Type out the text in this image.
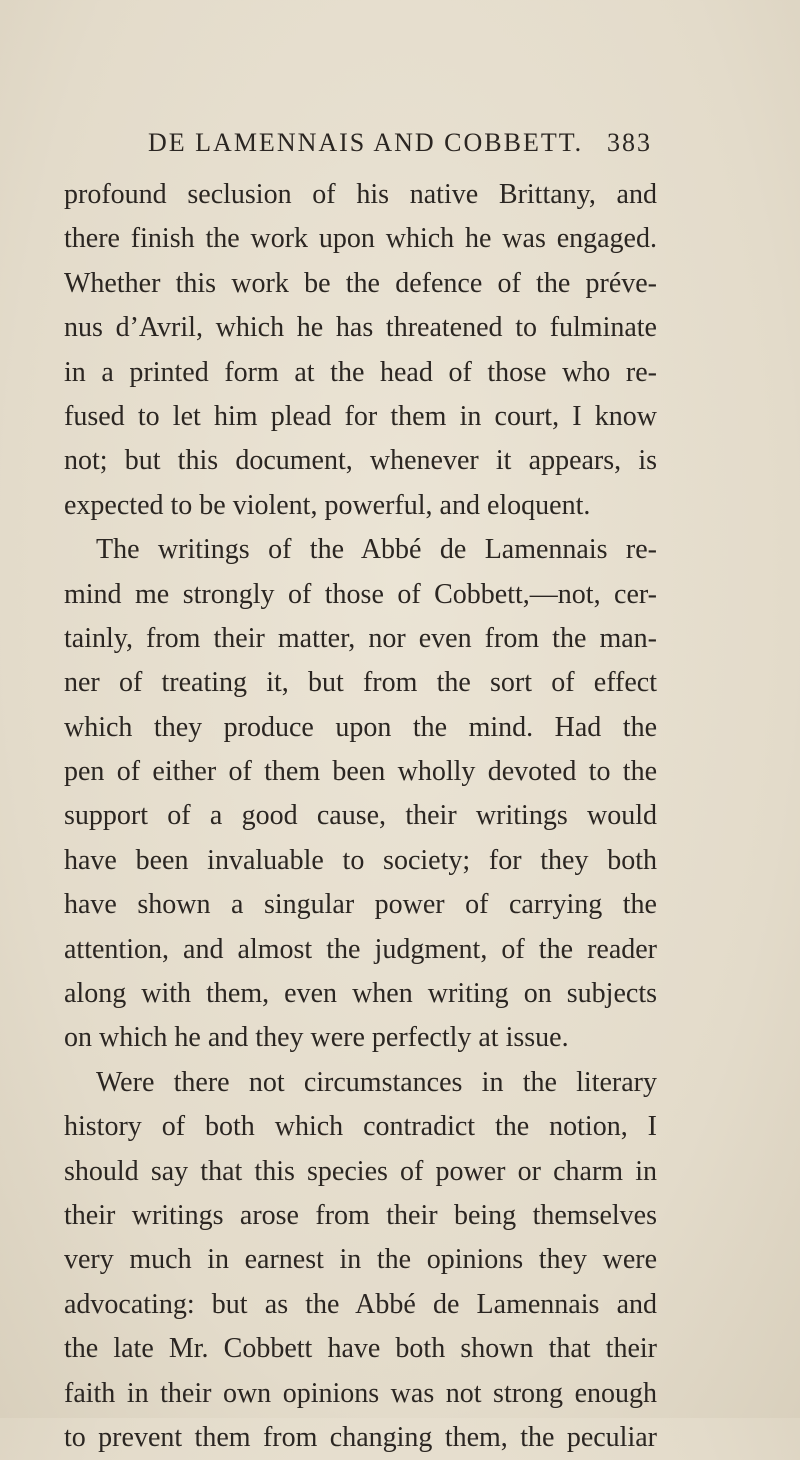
DE LAMENNAIS AND COBBETT. 383
profound seclusion of his native Brittany, and
there finish the work upon which he was engaged.
Whether this work be the defence of the préve-
nus d’Avril, which he has threatened to fulminate
in a printed form at the head of those who re-
fused to let him plead for them in court, I know
not; but this document, whenever it appears, is
expected to be violent, powerful, and eloquent.
The writings of the Abbé de Lamennais re-
mind me strongly of those of Cobbett,—not, cer-
tainly, from their matter, nor even from the man-
ner of treating it, but from the sort of effect
which they produce upon the mind. Had the
pen of either of them been wholly devoted to the
support of a good cause, their writings would
have been invaluable to society; for they both
have shown a singular power of carrying the
attention, and almost the judgment, of the reader
along with them, even when writing on subjects
on which he and they were perfectly at issue.
Were there not circumstances in the literary
history of both which contradict the notion, I
should say that this species of power or charm in
their writings arose from their being themselves
very much in earnest in the opinions they were
advocating: but as the Abbé de Lamennais and
the late Mr. Cobbett have both shown that their
faith in their own opinions was not strong enough
to prevent them from changing them, the peculiar
